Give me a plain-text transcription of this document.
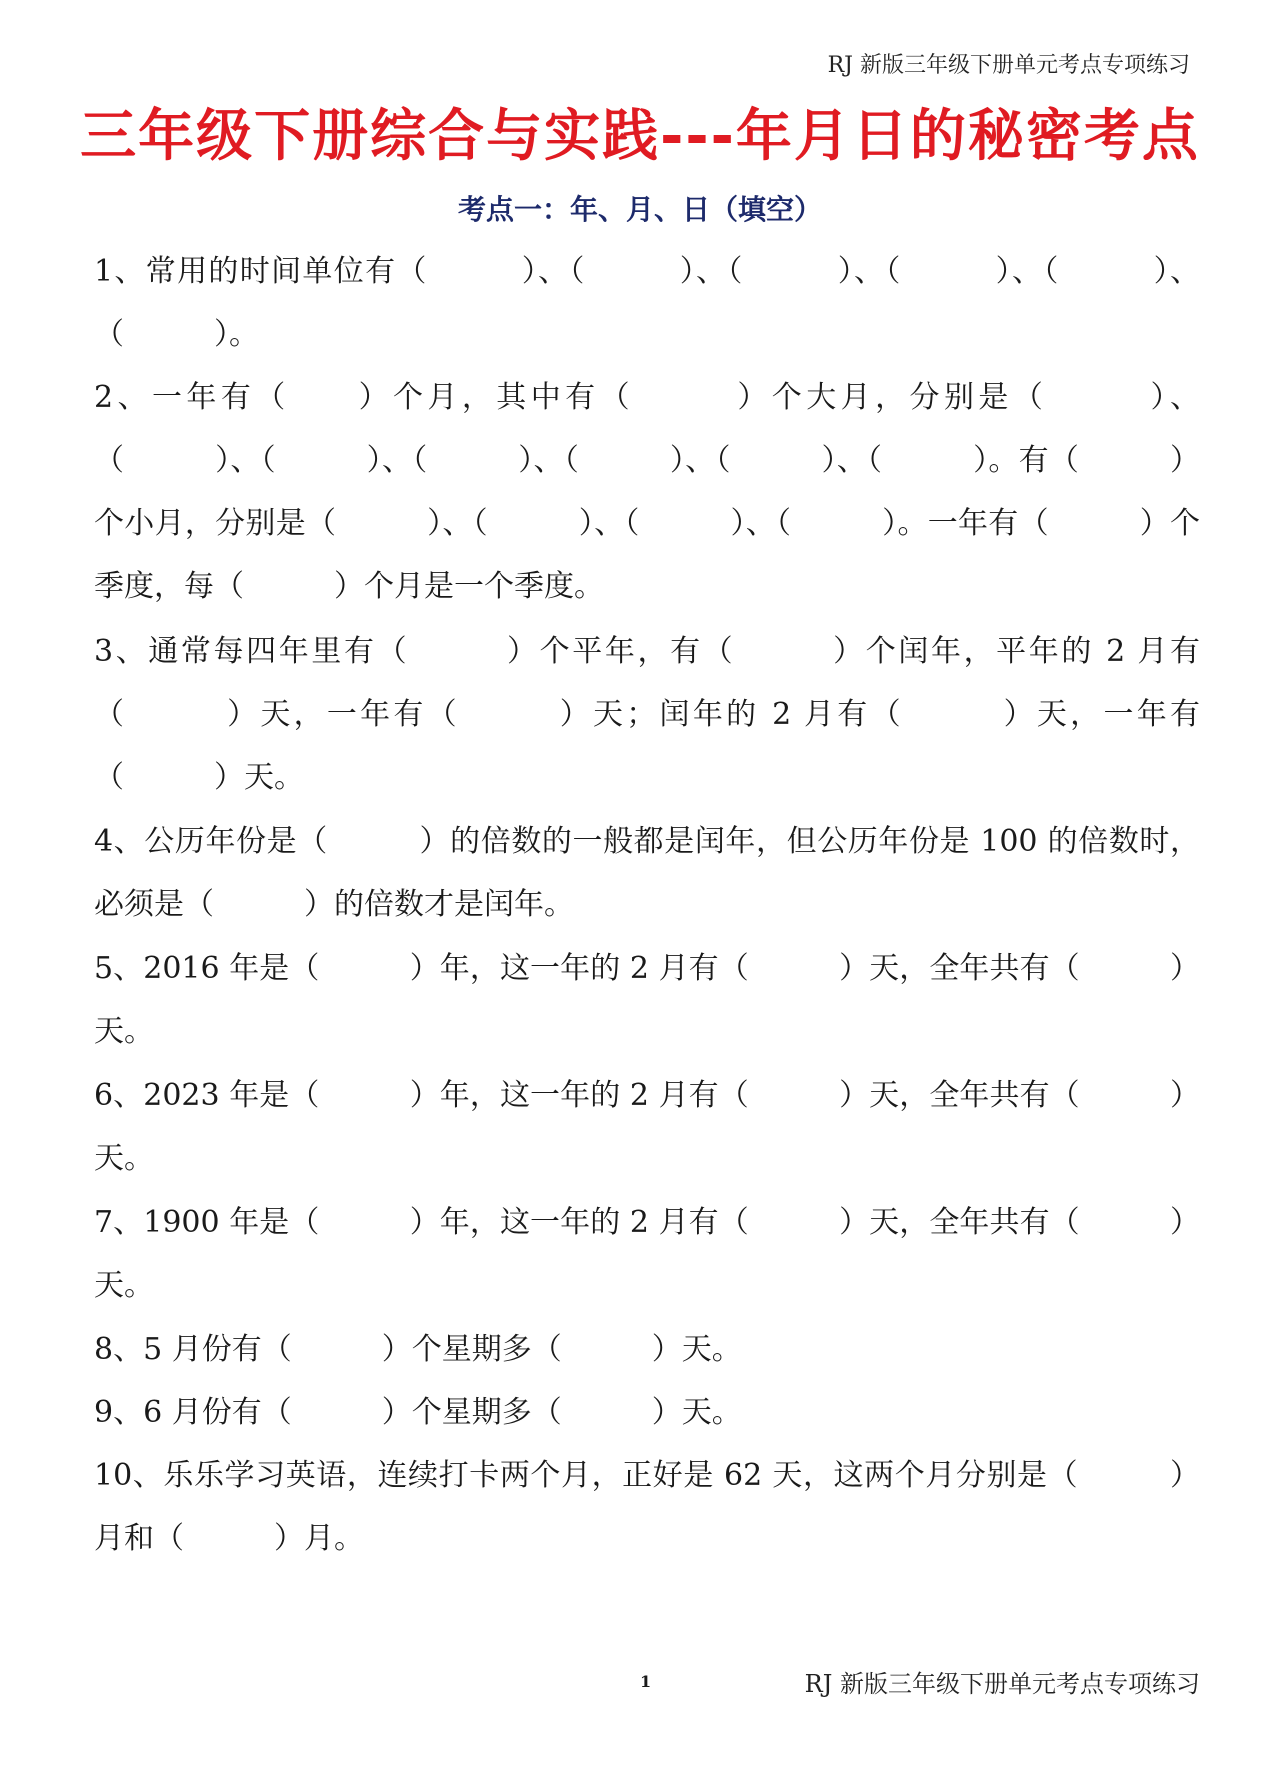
RJ 新版三年级下册单元考点专项练习
三年级下册综合与实践---年月日的秘密考点
考点一：年、月、日（填空）
1、常用的时间单位有（　　　）、（　　　）、（　　　）、（　　　）、（　　　）、（　　　）。
2、一年有（　　）个月，其中有（　　　）个大月，分别是（　　　）、（　　　）、（　　　）、（　　　）、（　　　）、（　　　）、（　　　）。有（　　　）个小月，分别是（　　　）、（　　　）、（　　　）、（　　　）。一年有（　　　）个季度，每（　　　）个月是一个季度。
3、通常每四年里有（　　　）个平年，有（　　　）个闰年，平年的 2 月有（　　　）天，一年有（　　　）天；闰年的 2 月有（　　　）天，一年有（　　　）天。
4、公历年份是（　　　）的倍数的一般都是闰年，但公历年份是 100 的倍数时，必须是（　　　）的倍数才是闰年。
5、2016 年是（　　　）年，这一年的 2 月有（　　　）天，全年共有（　　　）天。
6、2023 年是（　　　）年，这一年的 2 月有（　　　）天，全年共有（　　　）天。
7、1900 年是（　　　）年，这一年的 2 月有（　　　）天，全年共有（　　　）天。
8、5 月份有（　　　）个星期多（　　　）天。
9、6 月份有（　　　）个星期多（　　　）天。
10、乐乐学习英语，连续打卡两个月，正好是 62 天，这两个月分别是（　　　）月和（　　　）月。
1	RJ 新版三年级下册单元考点专项练习
